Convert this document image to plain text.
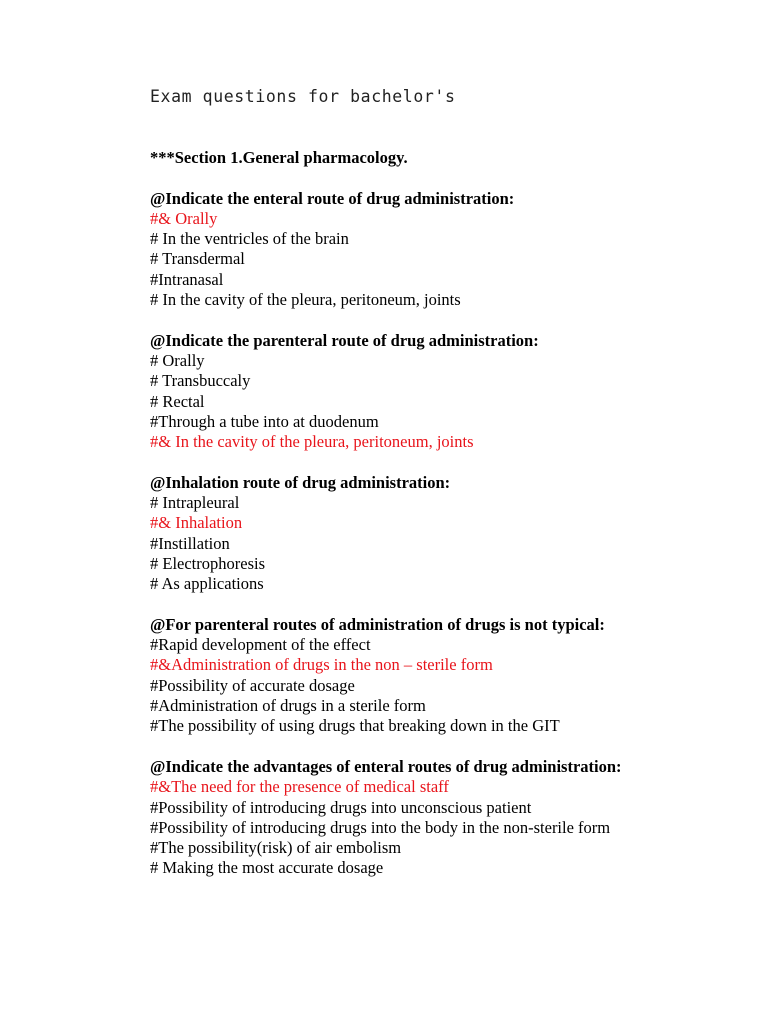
Exam questions for bachelor's

***Section 1.General pharmacology.

@Indicate the enteral route of drug administration:

#& Orally

# In the ventricles of the brain

# Transdermal

#Intranasal

# In the cavity of the pleura, peritoneum, joints

@Indicate the parenteral route of drug administration:

# Orally

# Transbuccaly

# Rectal

#Through a tube into at duodenum

#& In the cavity of the pleura, peritoneum, joints

@Inhalation route of drug administration:

# Intrapleural

#& Inhalation

#Instillation

# Electrophoresis

# As applications

@For parenteral routes of administration of drugs is not typical:

#Rapid development of the effect

#&Administration of drugs in the non – sterile form

#Possibility of accurate dosage

#Administration of drugs in a sterile form

#The possibility of using drugs that breaking down in the GIT

@Indicate the advantages of enteral routes of drug administration:

#&The need for the presence of medical staff

#Possibility of introducing drugs into unconscious patient

#Possibility of introducing drugs into the body in the non-sterile form

#The possibility(risk) of air embolism

# Making the most accurate dosage
